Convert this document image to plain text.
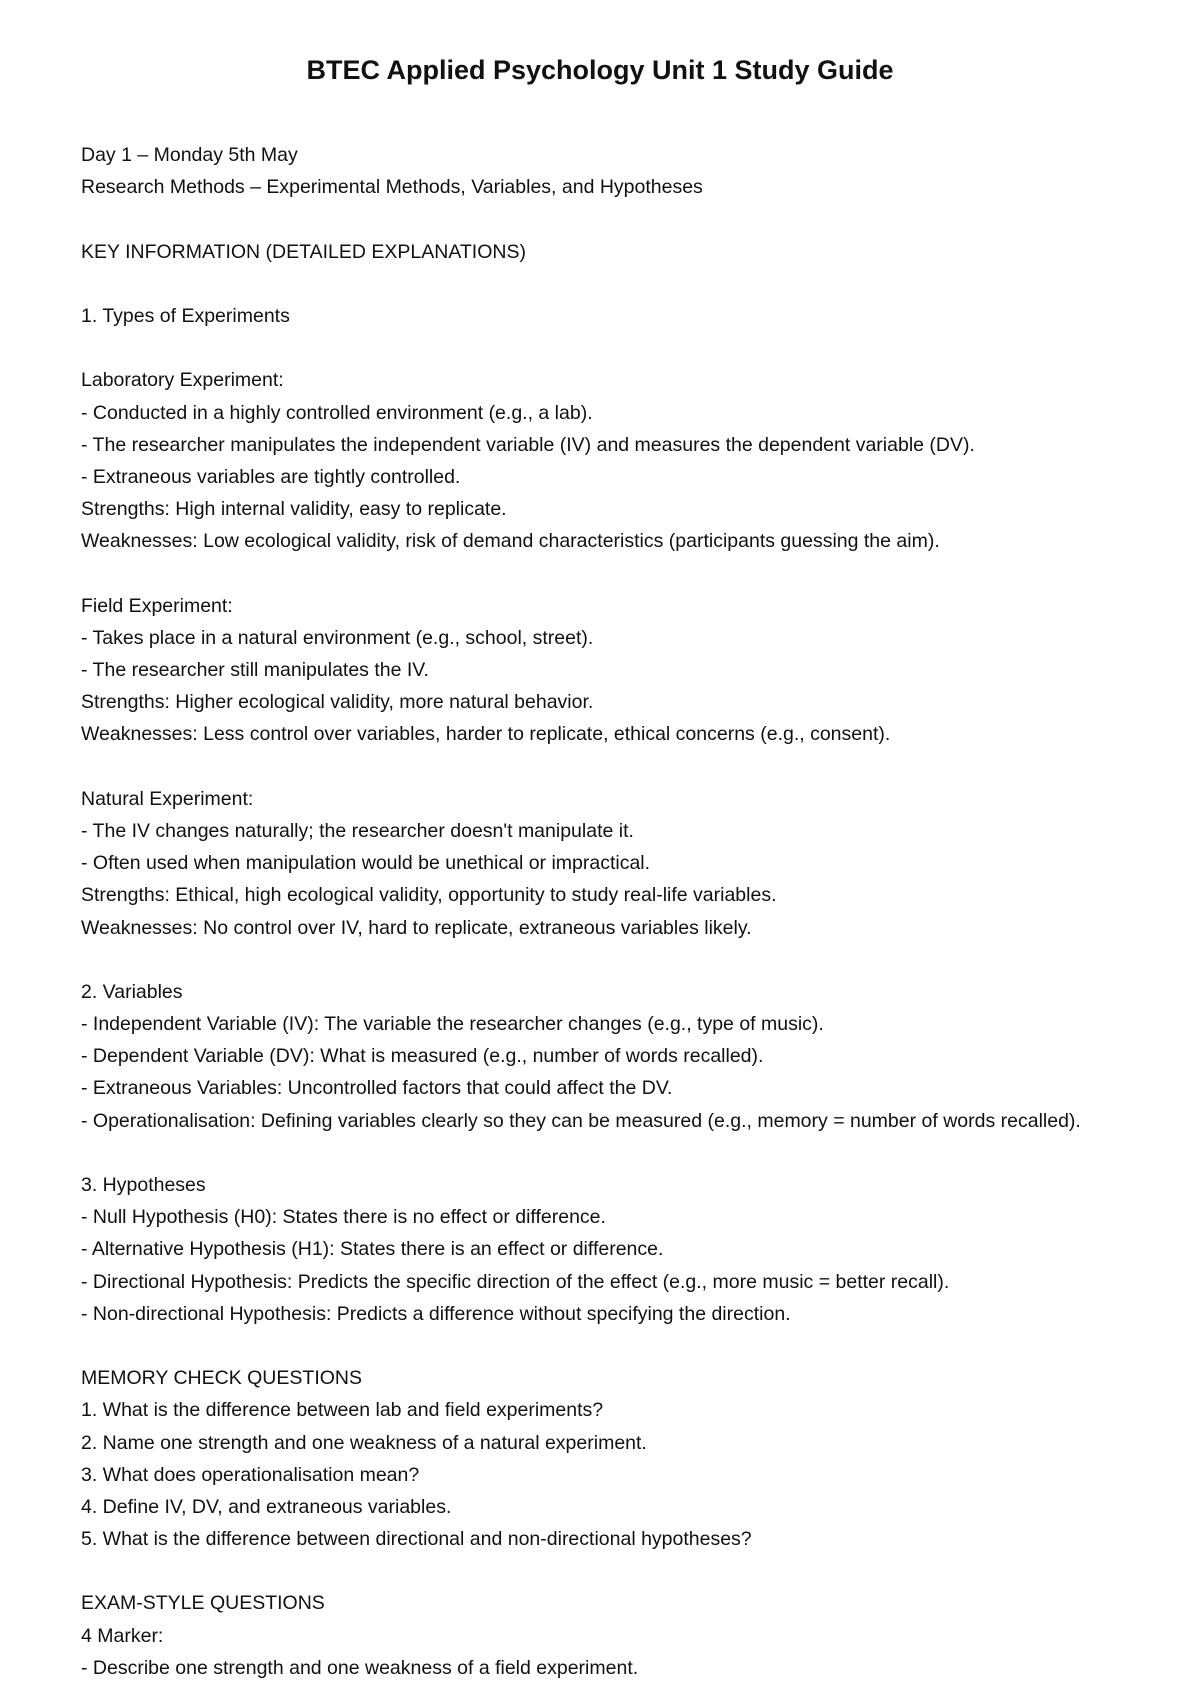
BTEC Applied Psychology Unit 1 Study Guide
Day 1 – Monday 5th May
Research Methods – Experimental Methods, Variables, and Hypotheses
KEY INFORMATION (DETAILED EXPLANATIONS)
1. Types of Experiments
Laboratory Experiment:
- Conducted in a highly controlled environment (e.g., a lab).
- The researcher manipulates the independent variable (IV) and measures the dependent variable (DV).
- Extraneous variables are tightly controlled.
Strengths: High internal validity, easy to replicate.
Weaknesses: Low ecological validity, risk of demand characteristics (participants guessing the aim).
Field Experiment:
- Takes place in a natural environment (e.g., school, street).
- The researcher still manipulates the IV.
Strengths: Higher ecological validity, more natural behavior.
Weaknesses: Less control over variables, harder to replicate, ethical concerns (e.g., consent).
Natural Experiment:
- The IV changes naturally; the researcher doesn't manipulate it.
- Often used when manipulation would be unethical or impractical.
Strengths: Ethical, high ecological validity, opportunity to study real-life variables.
Weaknesses: No control over IV, hard to replicate, extraneous variables likely.
2. Variables
- Independent Variable (IV): The variable the researcher changes (e.g., type of music).
- Dependent Variable (DV): What is measured (e.g., number of words recalled).
- Extraneous Variables: Uncontrolled factors that could affect the DV.
- Operationalisation: Defining variables clearly so they can be measured (e.g., memory = number of words recalled).
3. Hypotheses
- Null Hypothesis (H0): States there is no effect or difference.
- Alternative Hypothesis (H1): States there is an effect or difference.
- Directional Hypothesis: Predicts the specific direction of the effect (e.g., more music = better recall).
- Non-directional Hypothesis: Predicts a difference without specifying the direction.
MEMORY CHECK QUESTIONS
1. What is the difference between lab and field experiments?
2. Name one strength and one weakness of a natural experiment.
3. What does operationalisation mean?
4. Define IV, DV, and extraneous variables.
5. What is the difference between directional and non-directional hypotheses?
EXAM-STYLE QUESTIONS
4 Marker:
- Describe one strength and one weakness of a field experiment.
